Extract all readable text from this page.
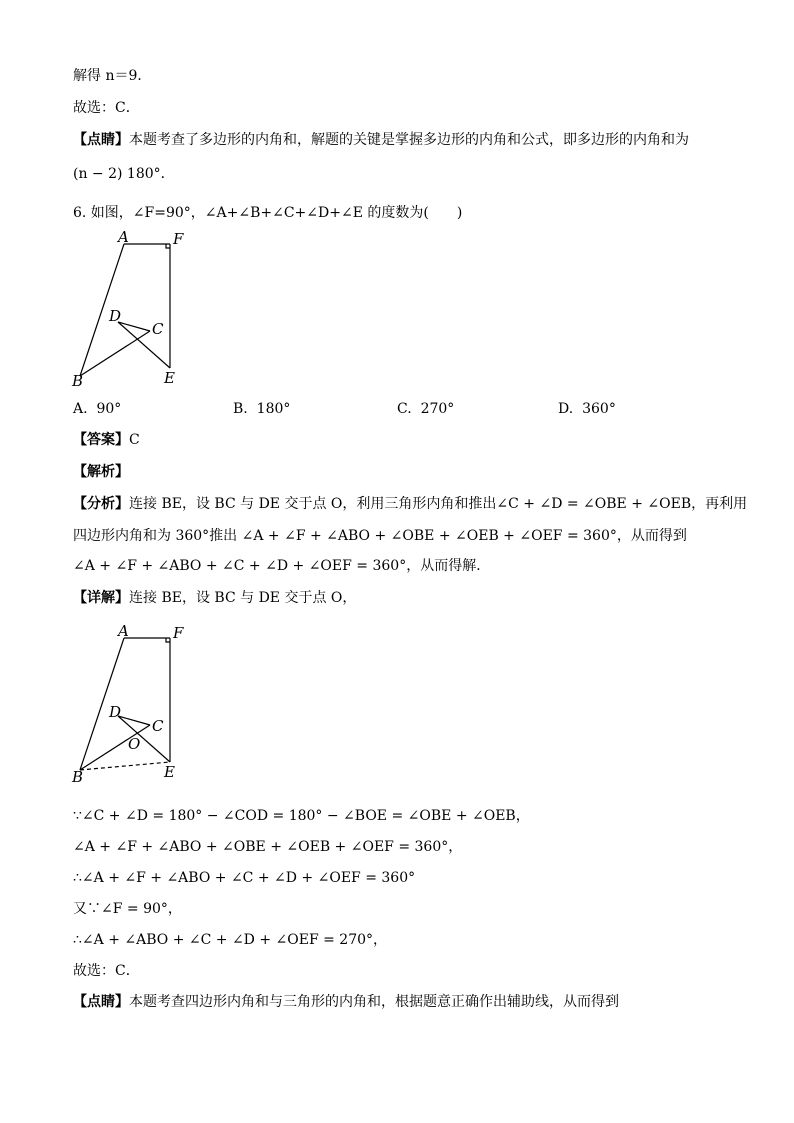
解得 n＝9．
故选：C．
【点睛】本题考查了多边形的内角和，解题的关键是掌握多边形的内角和公式，即多边形的内角和为
(n − 2) 180°．
6. 如图，∠F=90°，∠A+∠B+∠C+∠D+∠E 的度数为(　　)
A	F
D
C
B	E
A. 90°	B. 180°	C. 270°	D. 360°
【答案】C
【解析】
【分析】连接 BE，设 BC 与 DE 交于点 O，利用三角形内角和推出∠C + ∠D = ∠OBE + ∠OEB，再利用
四边形内角和为 360°推出 ∠A + ∠F + ∠ABO + ∠OBE + ∠OEB + ∠OEF = 360°，从而得到
∠A + ∠F + ∠ABO + ∠C + ∠D + ∠OEF = 360°，从而得解．
【详解】连接 BE，设 BC 与 DE 交于点 O，
A	F
D
C
O
B	E
∵∠C + ∠D = 180° − ∠COD = 180° − ∠BOE = ∠OBE + ∠OEB，
∠A + ∠F + ∠ABO + ∠OBE + ∠OEB + ∠OEF = 360°，
∴∠A + ∠F + ∠ABO + ∠C + ∠D + ∠OEF = 360°
又∵∠F = 90°，
∴∠A + ∠ABO + ∠C + ∠D + ∠OEF = 270°，
故选：C．
【点睛】本题考查四边形内角和与三角形的内角和，根据题意正确作出辅助线，从而得到
